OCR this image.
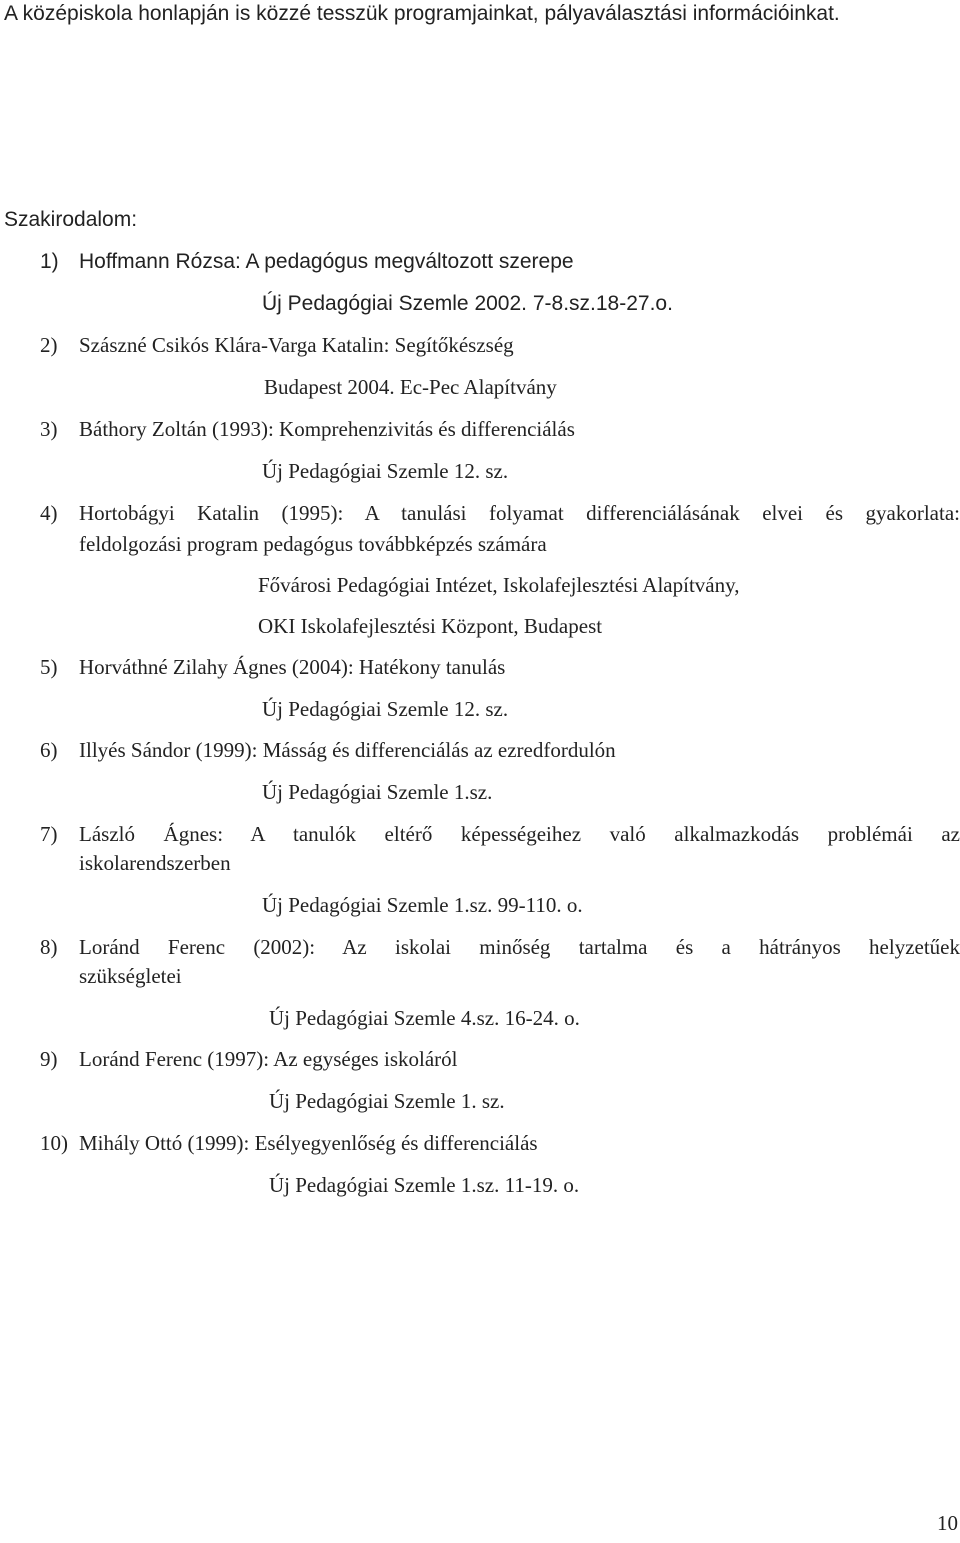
A középiskola honlapján is közzé tesszük programjainkat, pályaválasztási információinkat.
Szakirodalom:
1) Hoffmann Rózsa: A pedagógus megváltozott szerepe
Új Pedagógiai Szemle 2002. 7-8.sz.18-27.o.
2) Szászné Csikós Klára-Varga Katalin: Segítőkészség
Budapest 2004. Ec-Pec Alapítvány
3) Báthory Zoltán (1993): Komprehenzivitás és differenciálás
Új Pedagógiai Szemle 12. sz.
4) Hortobágyi Katalin (1995): A tanulási folyamat differenciálásának elvei és gyakorlata:
feldolgozási program pedagógus továbbképzés számára
Fővárosi Pedagógiai Intézet, Iskolafejlesztési Alapítvány,
OKI Iskolafejlesztési Központ, Budapest
5) Horváthné Zilahy Ágnes (2004): Hatékony tanulás
Új Pedagógiai Szemle 12. sz.
6) Illyés Sándor (1999): Másság és differenciálás az ezredfordulón
Új Pedagógiai Szemle 1.sz.
7) László Ágnes: A tanulók eltérő képességeihez való alkalmazkodás problémái az
iskolarendszerben
Új Pedagógiai Szemle 1.sz. 99-110. o.
8) Loránd Ferenc (2002): Az iskolai minőség tartalma és a hátrányos helyzetűek
szükségletei
Új Pedagógiai Szemle 4.sz. 16-24. o.
9) Loránd Ferenc (1997): Az egységes iskoláról
Új Pedagógiai Szemle 1. sz.
10) Mihály Ottó (1999): Esélyegyenlőség és differenciálás
Új Pedagógiai Szemle 1.sz. 11-19. o.
10
